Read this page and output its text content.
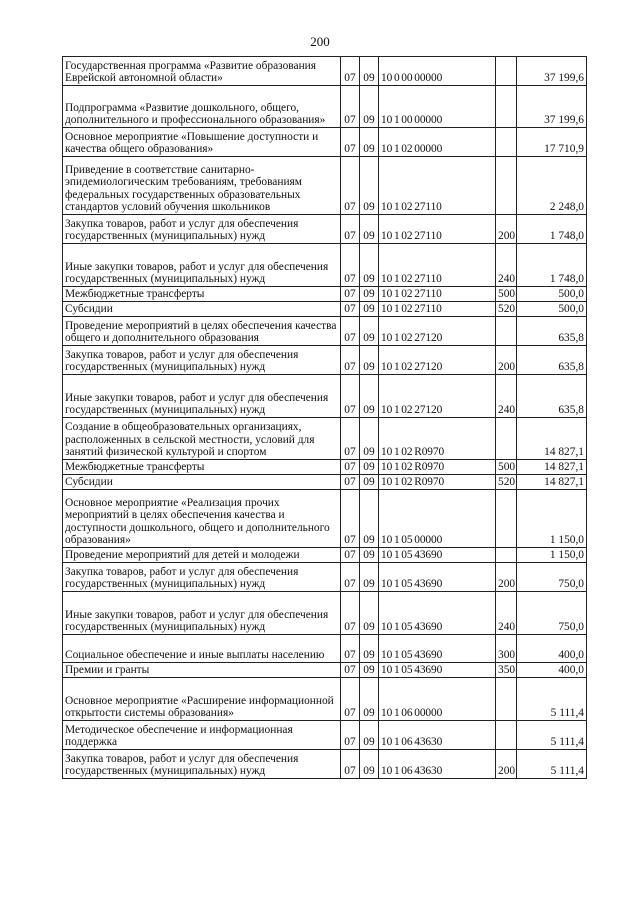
200
Государственная программа «Развитие образования Еврейской автономной области»	07	09	10 0 00 00000		37 199,6
Подпрограмма «Развитие дошкольного, общего, дополнительного и профессионального образования»	07	09	10 1 00 00000		37 199,6
Основное мероприятие «Повышение доступности и качества общего образования»	07	09	10 1 02 00000		17 710,9
Приведение в соответствие санитарно-эпидемиологическим требованиям, требованиям федеральных государственных образовательных стандартов условий обучения школьников	07	09	10 1 02 27110		2 248,0
Закупка товаров, работ и услуг для обеспечения государственных (муниципальных) нужд	07	09	10 1 02 27110	200	1 748,0
Иные закупки товаров, работ и услуг для обеспечения государственных (муниципальных) нужд	07	09	10 1 02 27110	240	1 748,0
Межбюджетные трансферты	07	09	10 1 02 27110	500	500,0
Субсидии	07	09	10 1 02 27110	520	500,0
Проведение мероприятий в целях обеспечения качества общего и дополнительного образования	07	09	10 1 02 27120		635,8
Закупка товаров, работ и услуг для обеспечения государственных (муниципальных) нужд	07	09	10 1 02 27120	200	635,8
Иные закупки товаров, работ и услуг для обеспечения государственных (муниципальных) нужд	07	09	10 1 02 27120	240	635,8
Создание в общеобразовательных организациях, расположенных в сельской местности, условий для занятий физической культурой и спортом	07	09	10 1 02 R0970		14 827,1
Межбюджетные трансферты	07	09	10 1 02 R0970	500	14 827,1
Субсидии	07	09	10 1 02 R0970	520	14 827,1
Основное мероприятие «Реализация прочих мероприятий в целях обеспечения качества и доступности дошкольного, общего и дополнительного образования»	07	09	10 1 05 00000		1 150,0
Проведение мероприятий для детей и молодежи	07	09	10 1 05 43690		1 150,0
Закупка товаров, работ и услуг для обеспечения государственных (муниципальных) нужд	07	09	10 1 05 43690	200	750,0
Иные закупки товаров, работ и услуг для обеспечения государственных (муниципальных) нужд	07	09	10 1 05 43690	240	750,0
Социальное обеспечение и иные выплаты населению	07	09	10 1 05 43690	300	400,0
Премии и гранты	07	09	10 1 05 43690	350	400,0
Основное мероприятие «Расширение информационной открытости системы образования»	07	09	10 1 06 00000		5 111,4
Методическое обеспечение и информационная поддержка	07	09	10 1 06 43630		5 111,4
Закупка товаров, работ и услуг для обеспечения государственных (муниципальных) нужд	07	09	10 1 06 43630	200	5 111,4
